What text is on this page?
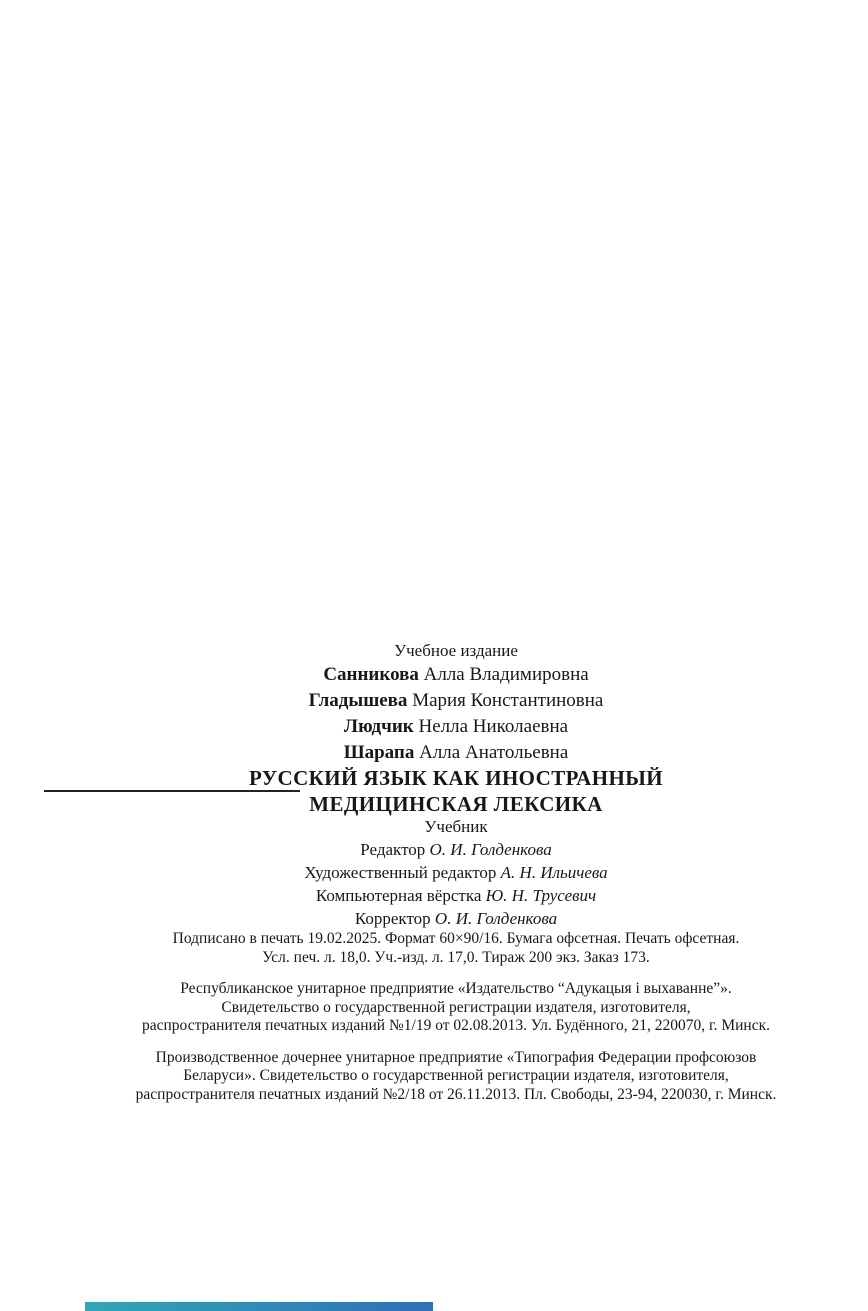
Учебное издание

Санникова Алла Владимировна
Гладышева Мария Константиновна
Людчик Нелла Николаевна
Шарапа Алла Анатольевна
РУССКИЙ ЯЗЫК КАК ИНОСТРАННЫЙ
МЕДИЦИНСКАЯ ЛЕКСИКА

Учебник

Редактор О. И. Голденкова
Художественный редактор А. Н. Ильичева
Компьютерная вёрстка Ю. Н. Трусевич
Корректор О. И. Голденкова

Подписано в печать 19.02.2025. Формат 60×90/16. Бумага офсетная. Печать офсетная.
Усл. печ. л. 18,0. Уч.-изд. л. 17,0. Тираж 200 экз. Заказ 173.

Республиканское унитарное предприятие «Издательство “Адукацыя і выхаванне”».
Свидетельство о государственной регистрации издателя, изготовителя,
распространителя печатных изданий №1/19 от 02.08.2013. Ул. Будённого, 21, 220070, г. Минск.

Производственное дочернее унитарное предприятие «Типография Федерации профсоюзов
Беларуси». Свидетельство о государственной регистрации издателя, изготовителя,
распространителя печатных изданий №2/18 от 26.11.2013. Пл. Свободы, 23-94, 220030, г. Минск.
